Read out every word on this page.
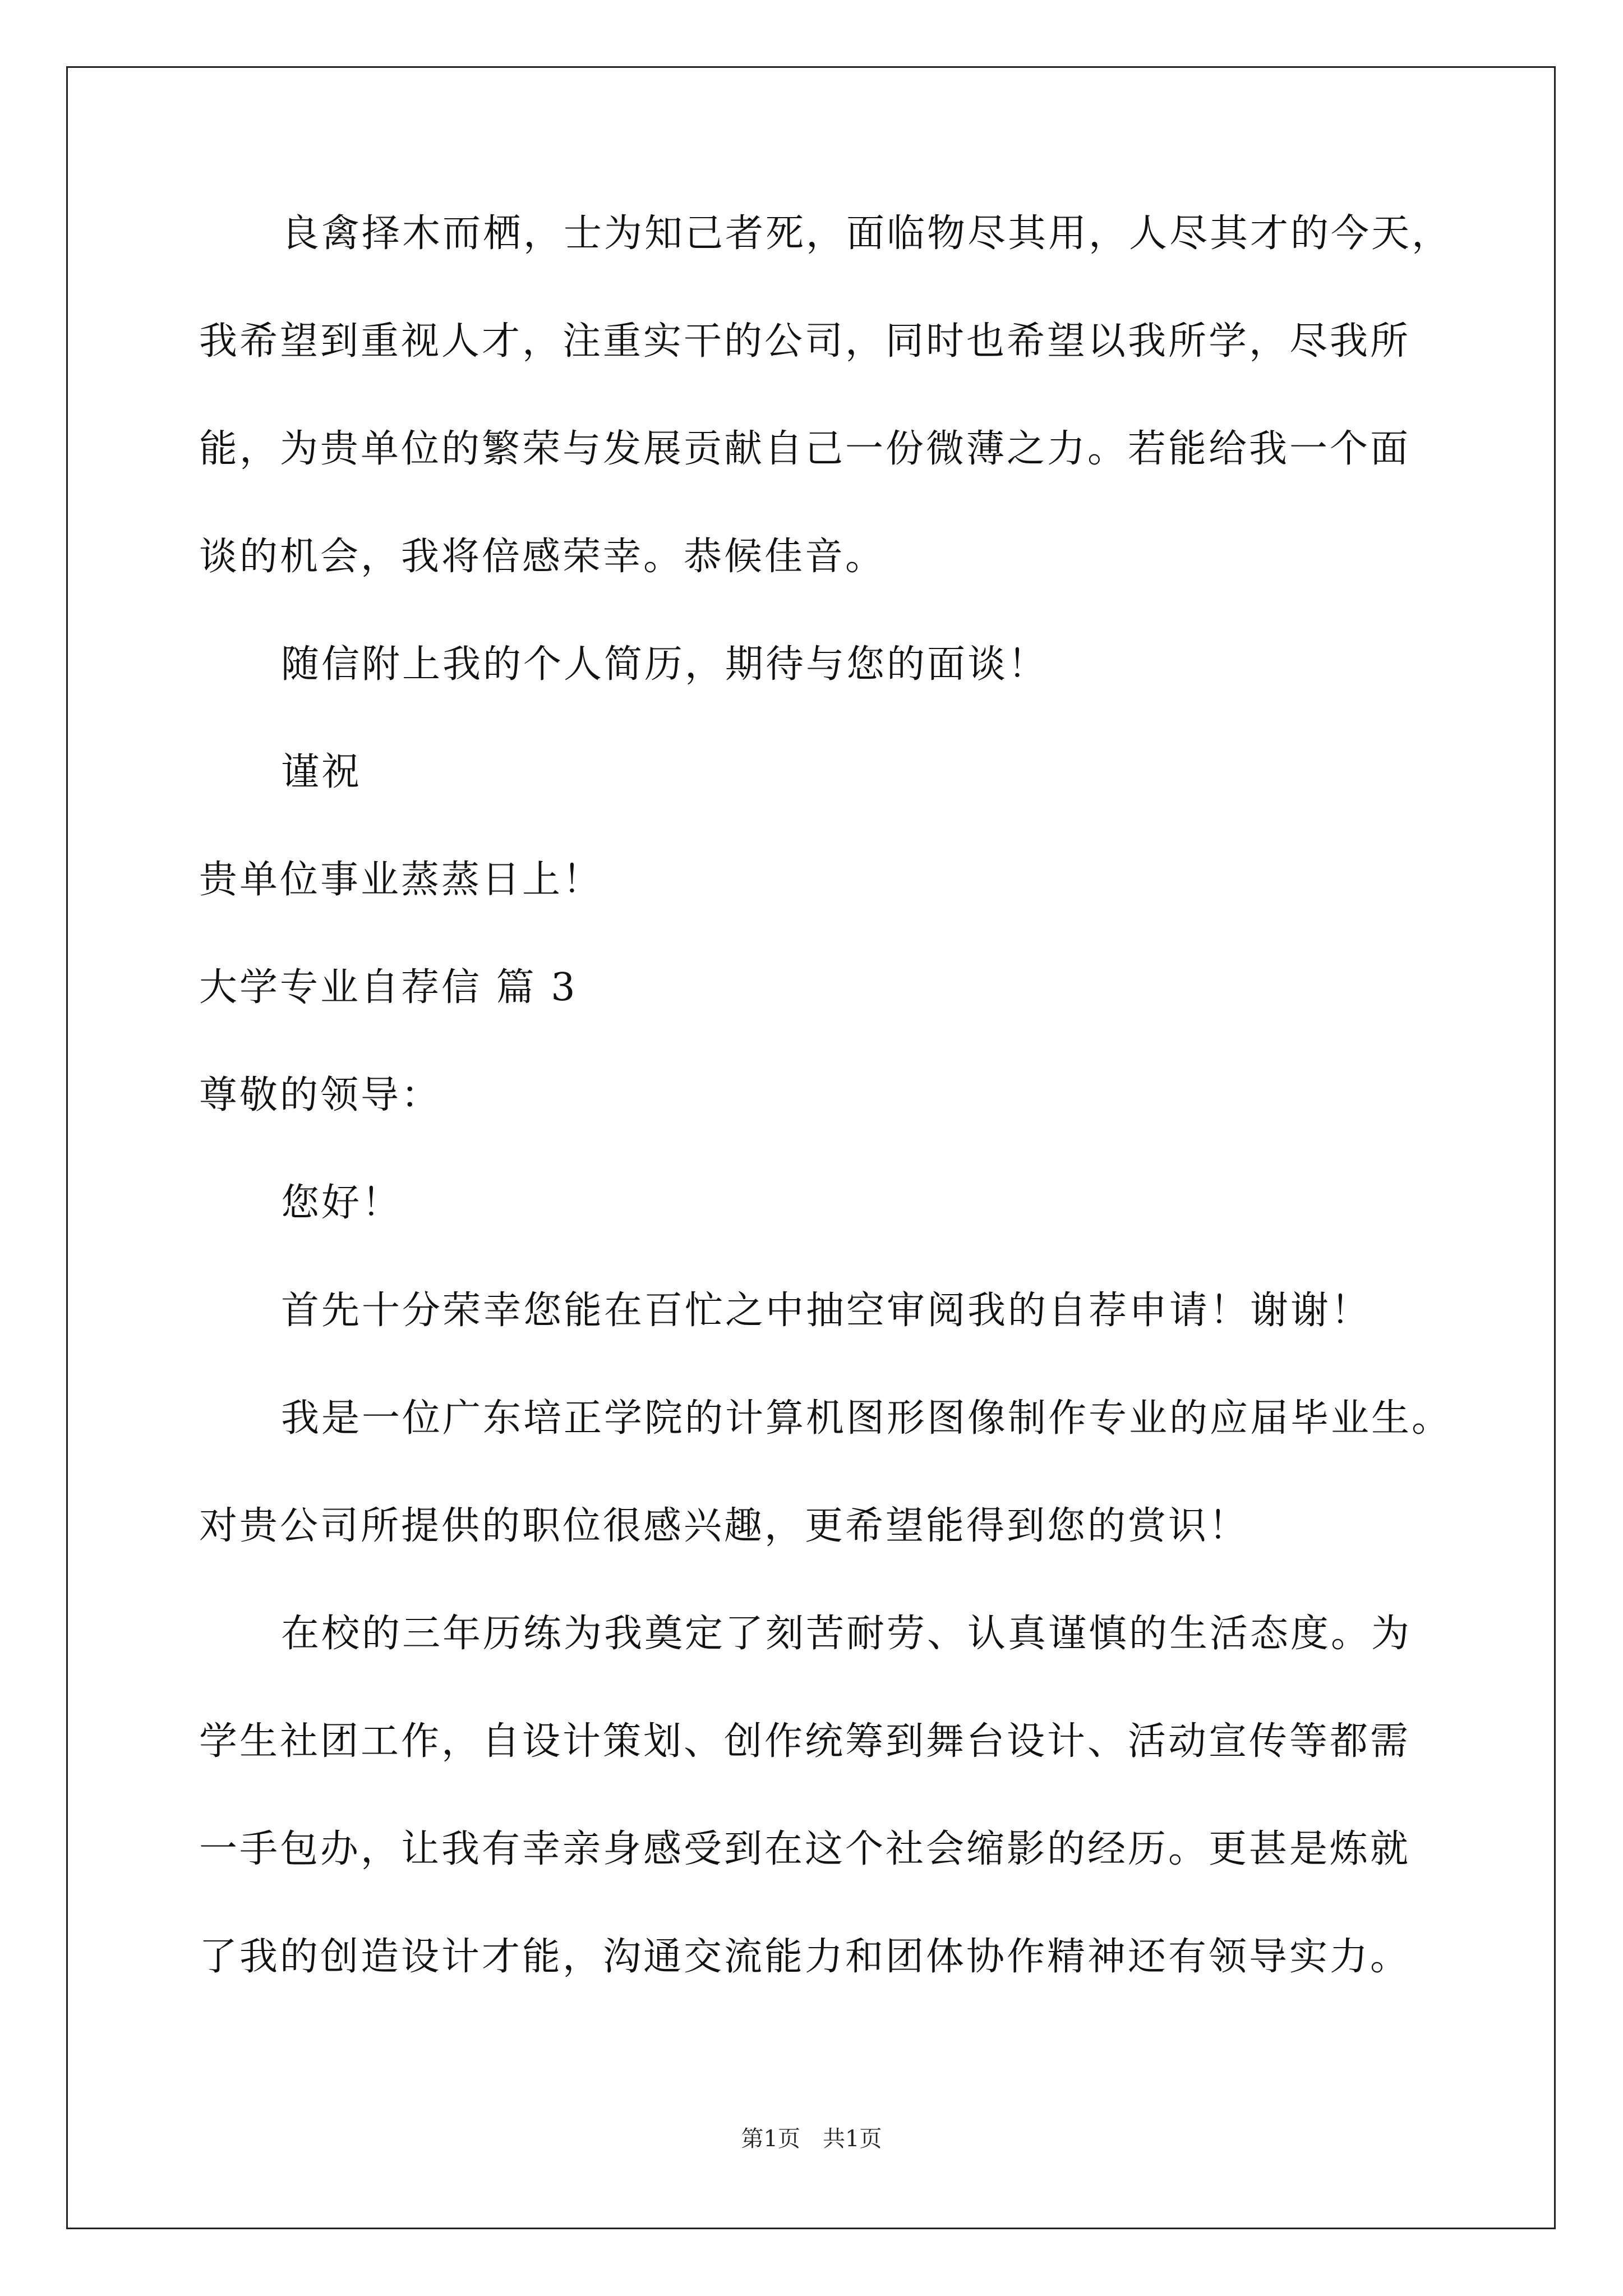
良禽择木而栖，士为知己者死，面临物尽其用，人尽其才的今天，
我希望到重视人才，注重实干的公司，同时也希望以我所学，尽我所
能，为贵单位的繁荣与发展贡献自己一份微薄之力。若能给我一个面
谈的机会，我将倍感荣幸。恭候佳音。
随信附上我的个人简历，期待与您的面谈！
谨祝
贵单位事业蒸蒸日上！
大学专业自荐信 篇 3
尊敬的领导：
您好！
首先十分荣幸您能在百忙之中抽空审阅我的自荐申请！谢谢！
我是一位广东培正学院的计算机图形图像制作专业的应届毕业生。
对贵公司所提供的职位很感兴趣，更希望能得到您的赏识！
在校的三年历练为我奠定了刻苦耐劳、认真谨慎的生活态度。为
学生社团工作，自设计策划、创作统筹到舞台设计、活动宣传等都需
一手包办，让我有幸亲身感受到在这个社会缩影的经历。更甚是炼就
了我的创造设计才能，沟通交流能力和团体协作精神还有领导实力。
第1页　共1页
